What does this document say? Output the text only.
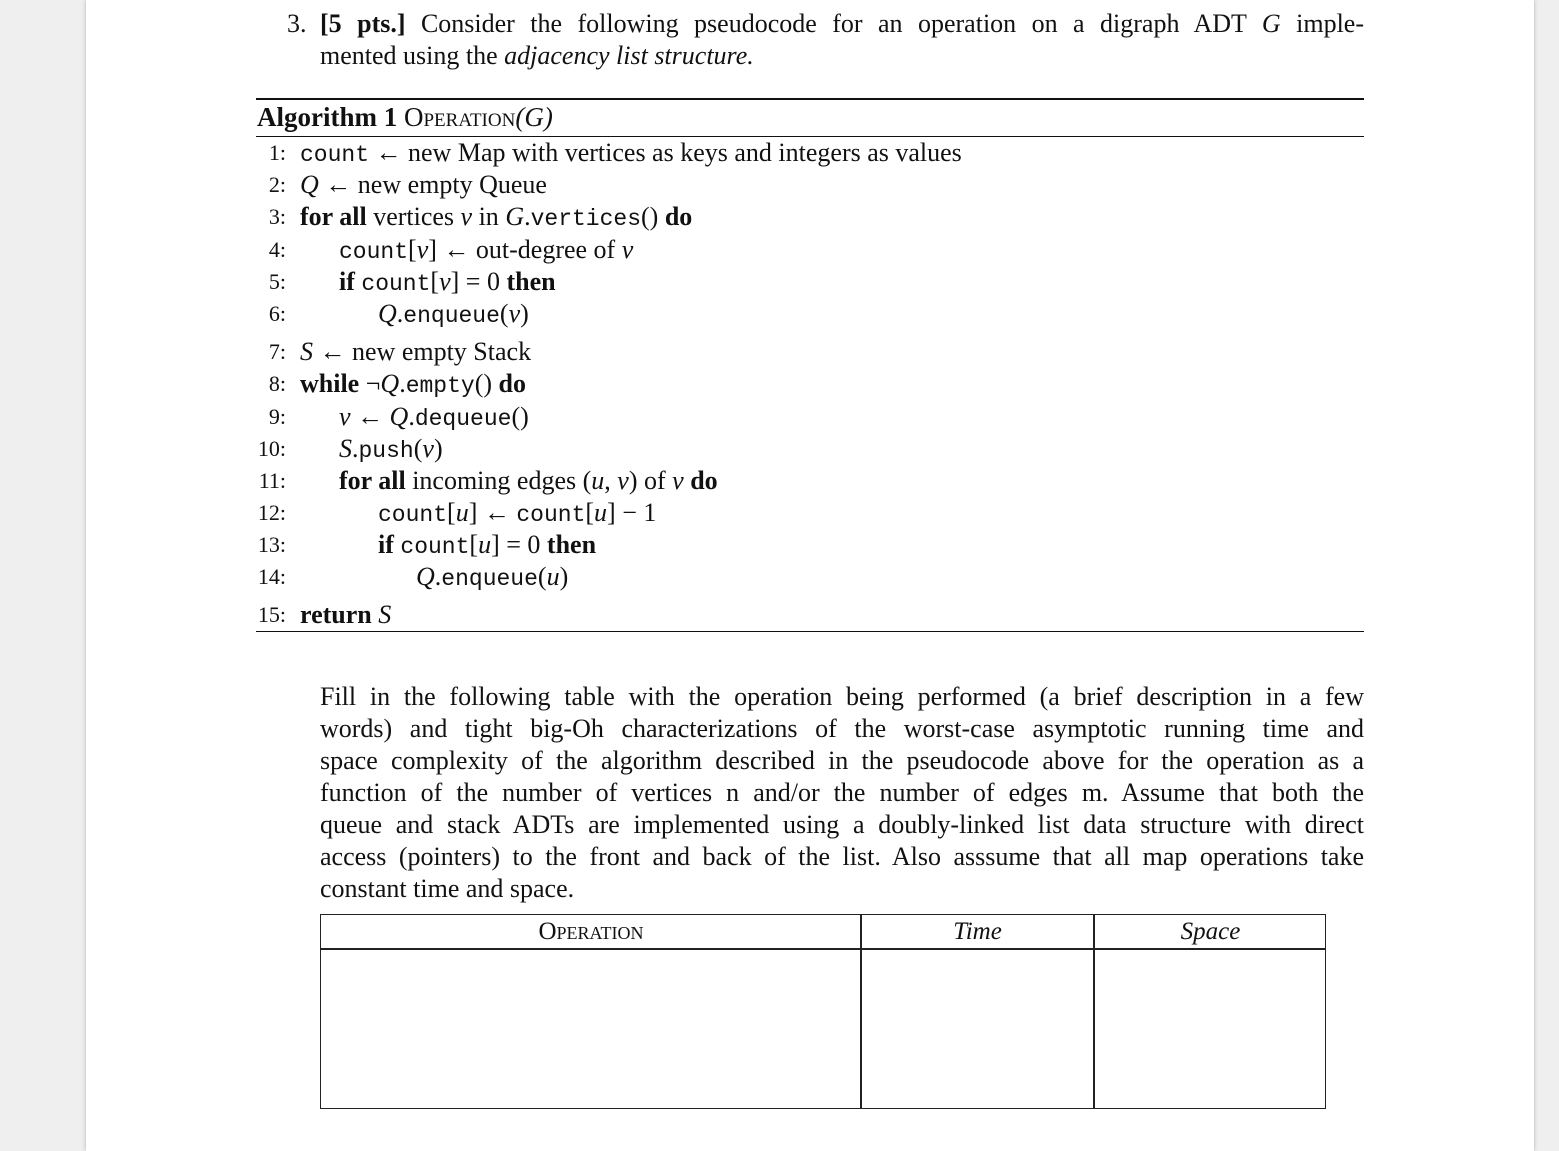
3. [5 pts.] Consider the following pseudocode for an operation on a digraph ADT G imple-
mented using the adjacency list structure.
Algorithm 1 Operation(G)
1: count ← new Map with vertices as keys and integers as values
2: Q ← new empty Queue
3: for all vertices v in G.vertices() do
4: count[v] ← out-degree of v
5: if count[v] = 0 then
6:	Q.enqueue(v)
7: S ← new empty Stack
8: while ¬Q.empty() do
9: v ← Q.dequeue()
10: S.push(v)
11: for all incoming edges (u, v) of v do
12:	count[u] ← count[u] − 1
13:	if count[u] = 0 then
14:	Q.enqueue(u)
15: return S
Fill in the following table with the operation being performed (a brief description in a few
words) and tight big-Oh characterizations of the worst-case asymptotic running time and
space complexity of the algorithm described in the pseudocode above for the operation as a
function of the number of vertices n and/or the number of edges m. Assume that both the
queue and stack ADTs are implemented using a doubly-linked list data structure with direct
access (pointers) to the front and back of the list. Also asssume that all map operations take
constant time and space.
Operation	Time	Space
